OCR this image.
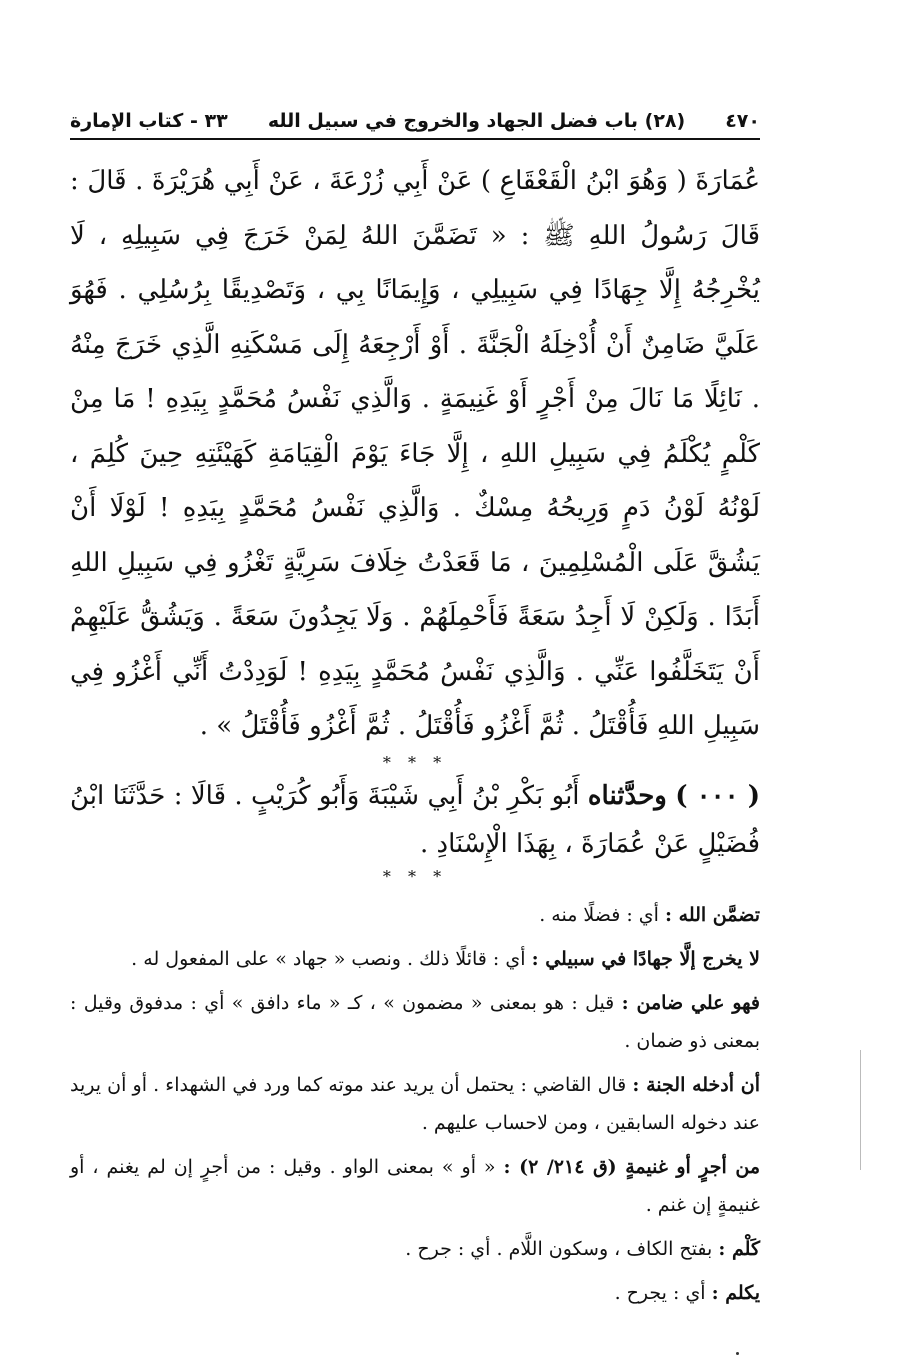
٤٧٠
(٢٨) باب فضل الجهاد والخروج في سبيل الله
٣٣ - كتاب الإمارة
عُمَارَةَ ( وَهُوَ ابْنُ الْقَعْقَاعِ ) عَنْ أَبِي زُرْعَةَ ، عَنْ أَبِي هُرَيْرَةَ . قَالَ : قَالَ رَسُولُ اللهِ ﷺ : « تَضَمَّنَ اللهُ لِمَنْ خَرَجَ فِي سَبِيلِهِ ، لَا يُخْرِجُهُ إِلَّا جِهَادًا فِي سَبِيلِي ، وَإِيمَانًا بِي ، وَتَصْدِيقًا بِرُسُلِي . فَهُوَ عَلَيَّ ضَامِنٌ أَنْ أُدْخِلَهُ الْجَنَّةَ . أَوْ أَرْجِعَهُ إِلَى مَسْكَنِهِ الَّذِي خَرَجَ مِنْهُ . نَائِلًا مَا نَالَ مِنْ أَجْرٍ أَوْ غَنِيمَةٍ . وَالَّذِي نَفْسُ مُحَمَّدٍ بِيَدِهِ ! مَا مِنْ كَلْمٍ يُكْلَمُ فِي سَبِيلِ اللهِ ، إِلَّا جَاءَ يَوْمَ الْقِيَامَةِ كَهَيْئَتِهِ حِينَ كُلِمَ ، لَوْنُهُ لَوْنُ دَمٍ وَرِيحُهُ مِسْكٌ . وَالَّذِي نَفْسُ مُحَمَّدٍ بِيَدِهِ ! لَوْلَا أَنْ يَشُقَّ عَلَى الْمُسْلِمِينَ ، مَا قَعَدْتُ خِلَافَ سَرِيَّةٍ تَغْزُو فِي سَبِيلِ اللهِ أَبَدًا . وَلَكِنْ لَا أَجِدُ سَعَةً فَأَحْمِلَهُمْ . وَلَا يَجِدُونَ سَعَةً . وَيَشُقُّ عَلَيْهِمْ أَنْ يَتَخَلَّفُوا عَنِّي . وَالَّذِي نَفْسُ مُحَمَّدٍ بِيَدِهِ ! لَوَدِدْتُ أَنِّي أَغْزُو فِي سَبِيلِ اللهِ فَأُقْتَلُ . ثُمَّ أَغْزُو فَأُقْتَلُ . ثُمَّ أَغْزُو فَأُقْتَلُ » .
* * *
( ٠٠٠ ) وحدَّثناه أَبُو بَكْرِ بْنُ أَبِي شَيْبَةَ وَأَبُو كُرَيْبٍ . قَالَا : حَدَّثَنَا ابْنُ فُضَيْلٍ عَنْ عُمَارَةَ ، بِهَذَا الْإِسْنَادِ .
* * *

تضمَّن الله : أي : فضلًا منه .

لا يخرج إلَّا جهادًا في سبيلي : أي : قائلًا ذلك . ونصب « جهاد » على المفعول له .

فهو علي ضامن : قيل : هو بمعنى « مضمون » ، كـ « ماء دافق » أي : مدفوق وقيل : بمعنى ذو ضمان .

أن أدخله الجنة : قال القاضي : يحتمل أن يريد عند موته كما ورد في الشهداء . أو أن يريد عند دخوله السابقين ، ومن لاحساب عليهم .

من أجرٍ أو غنيمةٍ (ق ٢١٤/ ٢) : « أو » بمعنى الواو . وقيل : من أجرٍ إن لم يغنم ، أو غنيمةٍ إن غنم .

كَلْم : بفتح الكاف ، وسكون اللَّام . أي : جرح .

يكلم : أي : يجرح .
